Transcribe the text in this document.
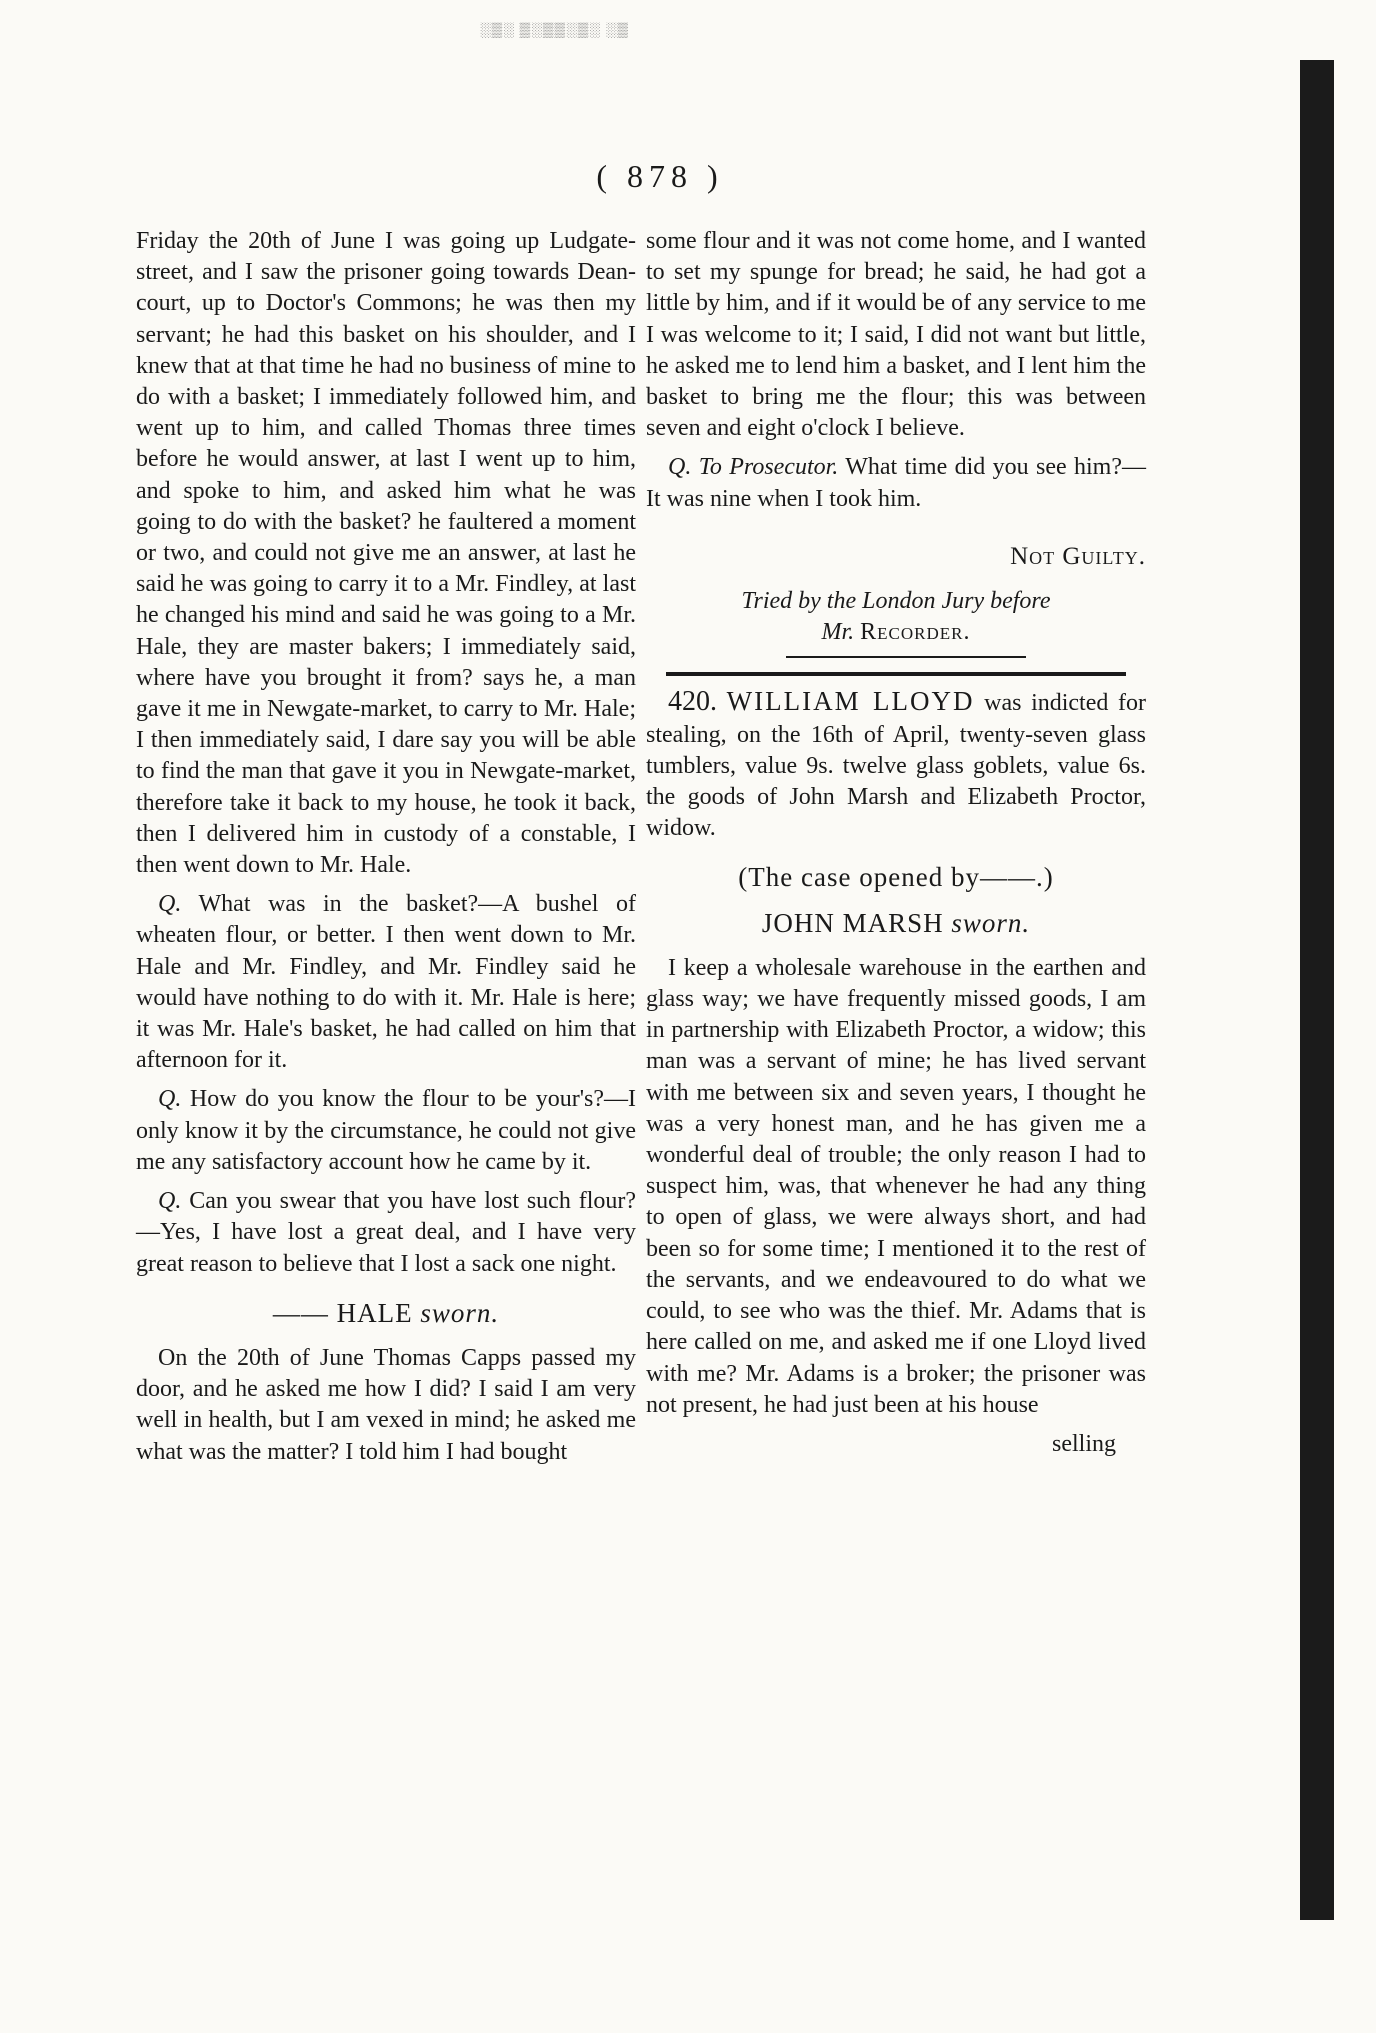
░▒░ ▒░▒▒░▒░ ░▒
( 878 )

Friday the 20th of June I was going up Ludgate-street, and I saw the prisoner going towards Dean-court, up to Doctor's Commons; he was then my servant; he had this basket on his shoulder, and I knew that at that time he had no business of mine to do with a basket; I immediately followed him, and went up to him, and called Thomas three times before he would answer, at last I went up to him, and spoke to him, and asked him what he was going to do with the basket? he faultered a moment or two, and could not give me an answer, at last he said he was going to carry it to a Mr. Findley, at last he changed his mind and said he was going to a Mr. Hale, they are master bakers; I immediately said, where have you brought it from? says he, a man gave it me in Newgate-market, to carry to Mr. Hale; I then immediately said, I dare say you will be able to find the man that gave it you in Newgate-market, therefore take it back to my house, he took it back, then I delivered him in custody of a constable, I then went down to Mr. Hale.

Q. What was in the basket?—A bushel of wheaten flour, or better. I then went down to Mr. Hale and Mr. Findley, and Mr. Findley said he would have nothing to do with it. Mr. Hale is here; it was Mr. Hale's basket, he had called on him that afternoon for it.

Q. How do you know the flour to be your's?—I only know it by the circumstance, he could not give me any satisfactory account how he came by it.

Q. Can you swear that you have lost such flour?—Yes, I have lost a great deal, and I have very great reason to believe that I lost a sack one night.

—— HALE sworn.

On the 20th of June Thomas Capps passed my door, and he asked me how I did? I said I am very well in health, but I am vexed in mind; he asked me what was the matter? I told him I had bought

some flour and it was not come home, and I wanted to set my spunge for bread; he said, he had got a little by him, and if it would be of any service to me I was welcome to it; I said, I did not want but little, he asked me to lend him a basket, and I lent him the basket to bring me the flour; this was between seven and eight o'clock I believe.

Q. To Prosecutor. What time did you see him?— It was nine when I took him.

Not Guilty.

Tried by the London Jury before

Mr. Recorder.

420. WILLIAM LLOYD was indicted for stealing, on the 16th of April, twenty-seven glass tumblers, value 9s. twelve glass goblets, value 6s. the goods of John Marsh and Elizabeth Proctor, widow.

(The case opened by——.)

JOHN MARSH sworn.

I keep a wholesale warehouse in the earthen and glass way; we have frequently missed goods, I am in partnership with Elizabeth Proctor, a widow; this man was a servant of mine; he has lived servant with me between six and seven years, I thought he was a very honest man, and he has given me a wonderful deal of trouble; the only reason I had to suspect him, was, that whenever he had any thing to open of glass, we were always short, and had been so for some time; I mentioned it to the rest of the servants, and we endeavoured to do what we could, to see who was the thief. Mr. Adams that is here called on me, and asked me if one Lloyd lived with me? Mr. Adams is a broker; the prisoner was not present, he had just been at his house

selling
